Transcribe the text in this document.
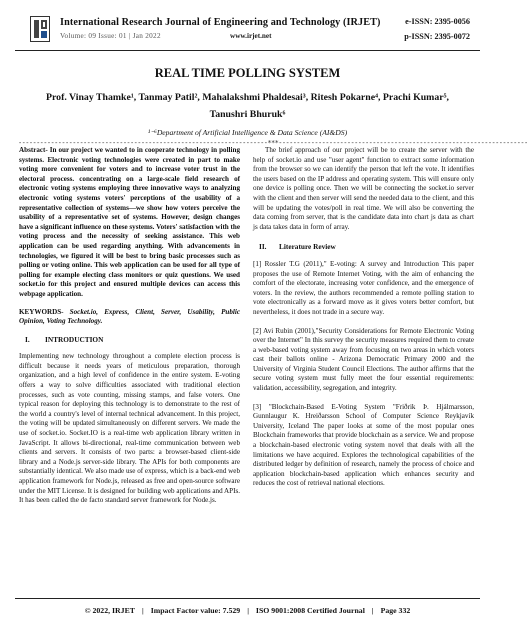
International Research Journal of Engineering and Technology (IRJET)
Volume: 09 Issue: 01 | Jan 2022	www.irjet.net
e-ISSN: 2395-0056
p-ISSN: 2395-0072
REAL TIME POLLING SYSTEM
Prof. Vinay Thamke¹, Tanmay Patil², Mahalakshmi Phaldesai³, Ritesh Pokarne⁴, Prachi Kumar⁵, Tanushri Bhuruk⁶
¹⁻⁶Department of Artificial Intelligence & Data Science (AI&DS)
---------------------------------------------------------------------***---------------------------------------------------------------------

Abstract- In our project we wanted to in cooperate technology in polling systems. Electronic voting technologies were created in part to make voting more convenient for voters and to increase voter trust in the electoral process. concentrating on a large-scale field research of electronic voting systems employing three innovative ways to analyzing electronic voting systems voters' perceptions of the usability of a representative collection of systems—we show how voters perceive the usability of a representative set of systems. However, design changes have a significant influence on these systems. Voters' satisfaction with the voting process and the necessity of seeking assistance. This web application can be used regarding anything. With advancements in technologies, we figured it will be best to bring basic processes such as polling or voting online. This web application can be used for all type of polling for example electing class monitors or quiz questions. We used socket.io for this project and ensured multiple devices can access this webpage application.

KEYWORDS- Socket.io, Express, Client, Server, Usability, Public Opinion, Voting Technology.

I. INTRODUCTION

Implementing new technology throughout a complete election process is difficult because it needs years of meticulous preparation, thorough organization, and a high level of confidence in the entire system. E-voting offers a way to solve difficulties associated with traditional election processes, such as vote counting, missing stamps, and false voters. One typical reason for deploying this technology is to demonstrate to the rest of the world a country's level of internal technical advancement. In this project, the voting will be updated simultaneously on different servers. We made the use of socket.io. Socket.IO is a real-time web application library written in JavaScript. It allows bi-directional, real-time communication between web clients and servers. It consists of two parts: a browser-based client-side library and a Node.js server-side library. The APIs for both components are substantially identical. We also made use of express, which is a back-end web application framework for Node.js, released as free and open-source software under the MIT License. It is designed for building web applications and APIs. It has been called the de facto standard server framework for Node.js.

The brief approach of our project will be to create the server with the help of socket.io and use "user agent" function to extract some information from the browser so we can identify the person that left the vote. It identifies the users based on the IP address and operating system. This will ensure only one device is polling once. Then we will be connecting the socket.io server with the client and then server will send the needed data to the client, and this will be updating the votes/poll in real time. We will also be converting the data coming from server, that is the candidate data into chart js data as chart js data takes data in form of array.

II. Literature Review

[1] Rossler T.G (2011)," E-voting: A survey and Introduction This paper proposes the use of Remote Internet Voting, with the aim of enhancing the comfort of the electorate, increasing voter confidence, and the emergence of voters. In the review, the authors recommended a remote polling station to vote electronically as a forward move as it gives voters better comfort, but nevertheless, it does not trade in a secure way.

[2] Avi Rubin (2001),"Security Considerations for Remote Electronic Voting over the Internet" In this survey the security measures required them to create a web-based voting system away from focusing on two areas in which voters cast their ballots online - Arizona Democratic Primary 2000 and the University of Virginia Student Council Elections. The author affirms that the secure voting system must fully meet the four essential requirements: validation, accessibility, segregation, and integrity.

[3] "Blockchain-Based E-Voting System "Friðrik Þ. Hjálmarsson, Gunnlaugur K. Hreiðarsson School of Computer Science Reykjavík University, Iceland The paper looks at some of the most popular ones Blockchain frameworks that provide blockchain as a service. We and propose a blockchain-based electronic voting system novel that deals with all the limitations we have acquired. Explores the technological capabilities of the distributed ledger by definition of research, namely the process of choice and application blockchain-based application which enhances security and reduces the cost of retrieval national elections.

© 2022, IRJET | Impact Factor value: 7.529 | ISO 9001:2008 Certified Journal | Page 332
